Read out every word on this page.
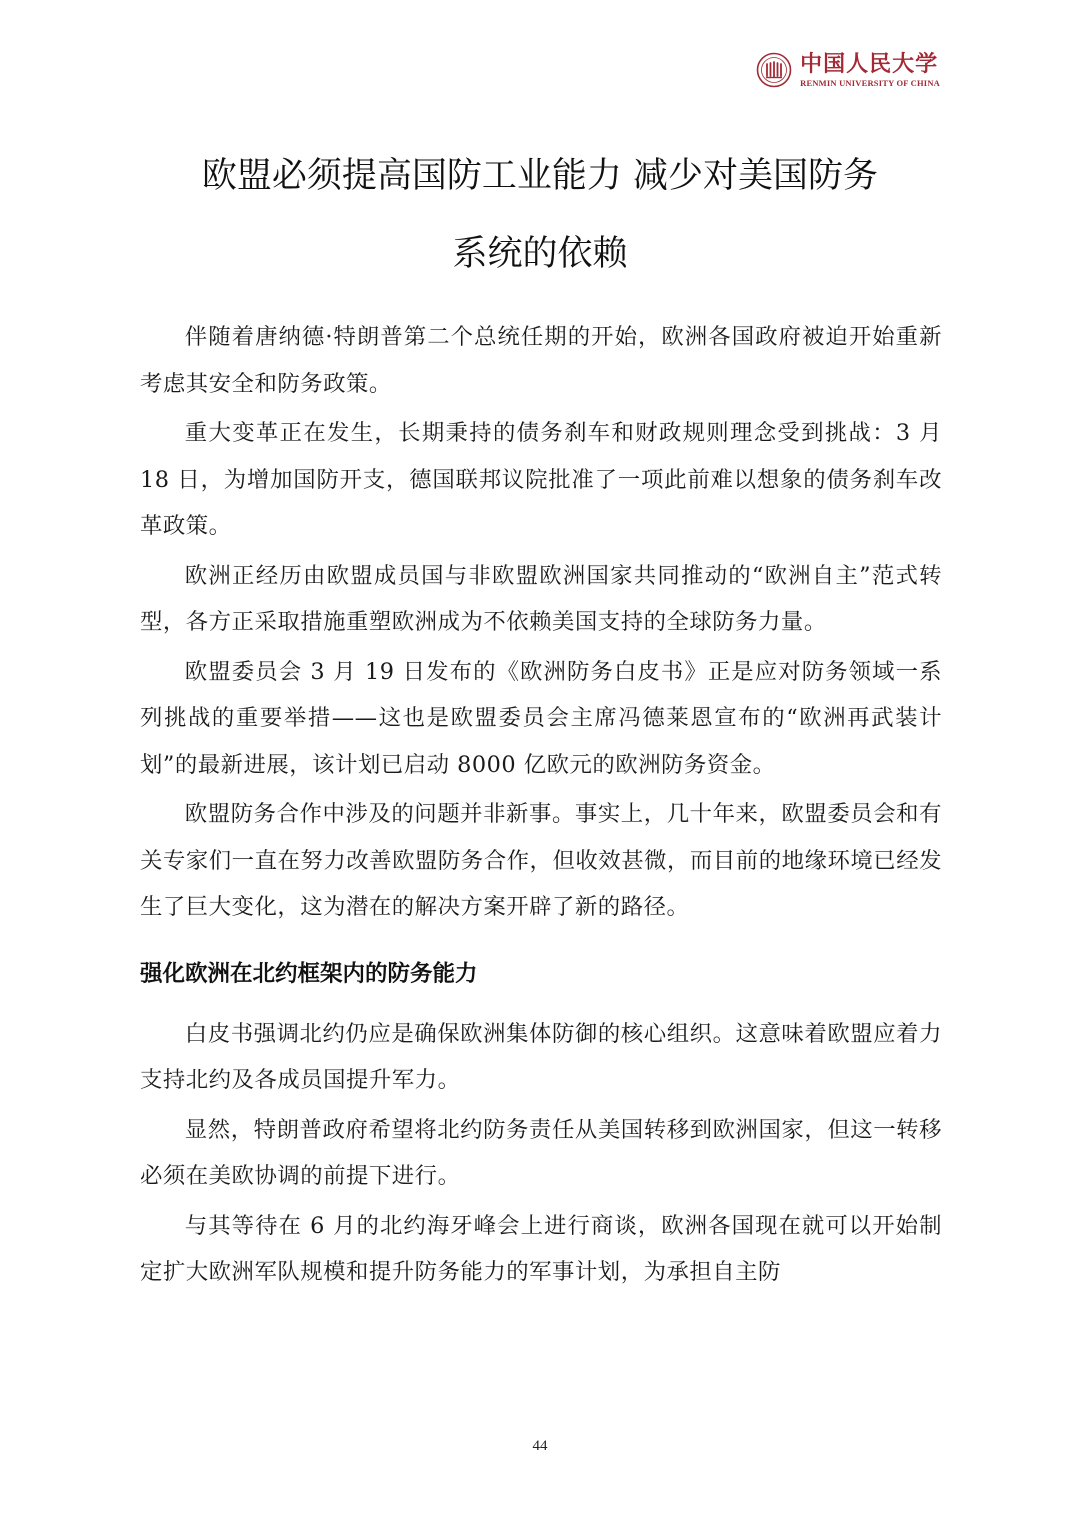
中国人民大学
RENMIN UNIVERSITY OF CHINA
欧盟必须提高国防工业能力 减少对美国防务
系统的依赖

伴随着唐纳德·特朗普第二个总统任期的开始，欧洲各国政府被迫开始重新考虑其安全和防务政策。

重大变革正在发生，长期秉持的债务刹车和财政规则理念受到挑战：3 月 18 日，为增加国防开支，德国联邦议院批准了一项此前难以想象的债务刹车改革政策。

欧洲正经历由欧盟成员国与非欧盟欧洲国家共同推动的“欧洲自主”范式转型，各方正采取措施重塑欧洲成为不依赖美国支持的全球防务力量。

欧盟委员会 3 月 19 日发布的《欧洲防务白皮书》正是应对防务领域一系列挑战的重要举措——这也是欧盟委员会主席冯德莱恩宣布的“欧洲再武装计划”的最新进展，该计划已启动 8000 亿欧元的欧洲防务资金。

欧盟防务合作中涉及的问题并非新事。事实上，几十年来，欧盟委员会和有关专家们一直在努力改善欧盟防务合作，但收效甚微，而目前的地缘环境已经发生了巨大变化，这为潜在的解决方案开辟了新的路径。

强化欧洲在北约框架内的防务能力

白皮书强调北约仍应是确保欧洲集体防御的核心组织。这意味着欧盟应着力支持北约及各成员国提升军力。

显然，特朗普政府希望将北约防务责任从美国转移到欧洲国家，但这一转移必须在美欧协调的前提下进行。

与其等待在 6 月的北约海牙峰会上进行商谈，欧洲各国现在就可以开始制定扩大欧洲军队规模和提升防务能力的军事计划，为承担自主防

44
